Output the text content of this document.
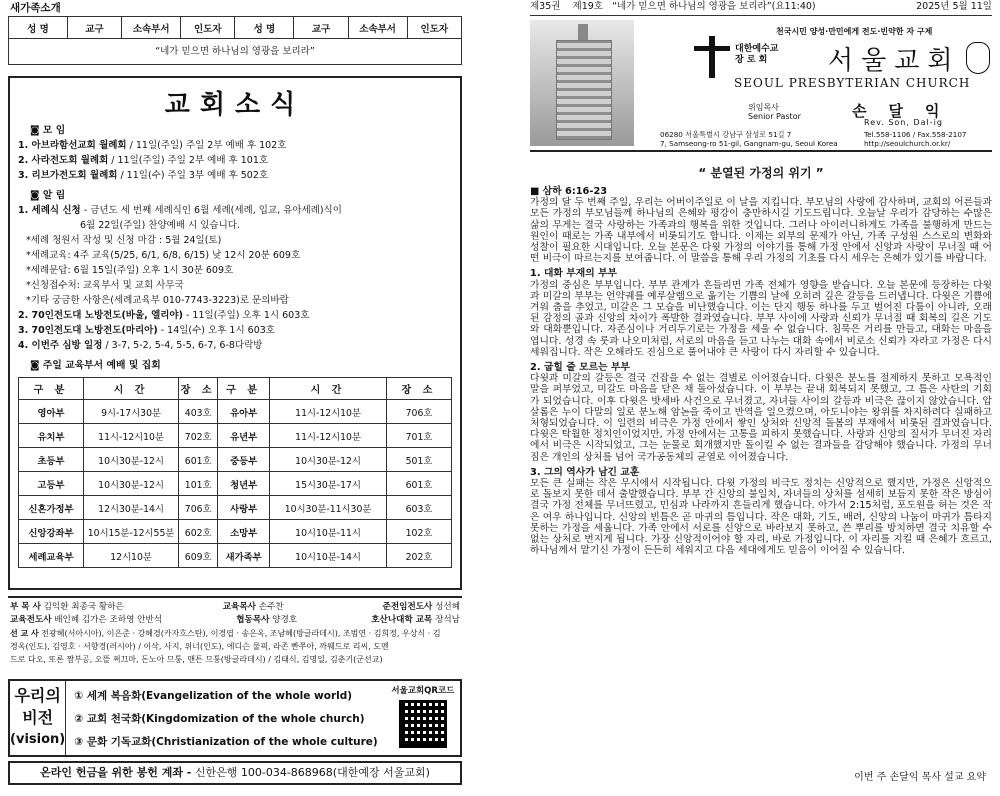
새가족소개
성 명	교구	소속부서	인도자	성 명	교구	소속부서	인도자
“네가 믿으면 하나님의 영광을 보리라”
교회소식
◙ 모 임
1. 아브라함선교회 월례회 / 11일(주일) 주일 2부 예배 후 102호
2. 사라전도회 월례회 / 11일(주일) 주일 2부 예배 후 101호
3. 리브가전도회 월례회 / 11일(수) 주일 3부 예배 후 502호
◙ 알 림
1. 세례식 신청 - 금년도 세 번째 세례식인 6월 세례(세례, 입교, 유아세례)식이
6월 22일(주일) 찬양예배 시 있습니다.
*세례 청원서 작성 및 신청 마감 : 5월 24일(토)
*세례교육: 4주 교육(5/25, 6/1, 6/8, 6/15) 낮 12시 20분 609호
*세례문답: 6월 15일(주일) 오후 1시 30분 609호
*신청접수처: 교육부서 및 교회 사무국
*기타 궁금한 사항은(세례교육부 010-7743-3223)로 문의바람
2. 70인전도대 노방전도(바울, 엘리야) - 11일(주일) 오후 1시 603호
3. 70인전도대 노방전도(마리아) - 14일(수) 오후 1시 603호
4. 이번주 심방 일정 / 3-7, 5-2, 5-4, 5-5, 6-7, 6-8다락방
◙ 주일 교육부서 예배 및 집회
구 분	시 간	장 소	구 분	시 간	장 소
영아부	9시-17시30분	403호	유아부	11시-12시10분	706호
유치부	11시-12시10분	702호	유년부	11시-12시10분	701호
초등부	10시30분-12시	601호	중등부	10시30분-12시	501호
고등부	10시30분-12시	101호	청년부	15시30분-17시	601호
신혼가정부	12시30분-14시	706호	사랑부	10시30분-11시30분	603호
신앙강좌부	10시15분-12시55분	602호	소망부	10시10분-11시	102호
세례교육부	12시10분	609호	새가족부	10시10분-14시	202호
부 목 사 김익환 최종국 황하은	교육목사 손주찬	준전임전도사 성선혜
교육전도사 배인혜 김가은 조하영 안반석	협동목사 양경호	호산나대학 교목 장석남
선 교 사 전광혜(서아시아), 이은준 · 강혜경(카자흐스탄), 이경엽 · 송은옥, 조남혜(방글라데시), 조범연 · 김희정, 우상식 · 김
경옥(인도), 김영호 · 서향경(러시아) / 이삭, 사지, 위너(인도), 에디슨 물픽, 라존 빤쭈아, 까웨드로 리씨, 도멘
드로 다오, 또론 짬부공, 오뜰 쩌끄마, 돈노아 므퉁, 맨튼 므퉁(방글라데시) / 김태식, 김명일, 김춘기(군선교)
우리의
비전
(vision)
① 세계 복음화(Evangelization of the whole world)
② 교회 천국화(Kingdomization of the whole church)
③ 문화 기독교화(Christianization of the whole culture)
서울교회QR코드
온라인 헌금을 위한 봉헌 계좌 - 신한은행 100-034-868968(대한예장 서울교회)
제35권 제19호 “네가 믿으면 하나님의 영광을 보리라”(요11:40)	2025년 5월 11일
천국시민 양성·만민에게 전도·빈약한 자 구제
대한예수교
장 로 회	서울교회
SEOUL PRESBYTERIAN CHURCH
위임목사
Senior Pastor	손달익
Rev. Son, Dal-ig
06280 서울특별시 강남구 삼성로 51길 7
7, Samseong-ro 51-gil, Gangnam-gu, Seoul Korea
Tel.558-1106 / Fax.558-2107
http://seoulchurch.or.kr/
“ 분열된 가정의 위기 ”
■ 삼하 6:16-23

가정의 달 두 번째 주일, 우리는 어버이주일로 이 날을 지킵니다. 부모님의 사랑에 감사하며, 교회의 어른들과 모든 가정의 부모님들께 하나님의 은혜와 평강이 충만하시길 기도드립니다. 오늘날 우리가 감당하는 수많은 삶의 무게는 결국 사랑하는 가족과의 행복을 위한 것입니다. 그러나 아이러니하게도 가족을 불행하게 만드는 원인이 때로는 가족 내부에서 비롯되기도 합니다. 이제는 외부의 문제가 아닌, 가족 구성원 스스로의 변화와 성찰이 필요한 시대입니다. 오늘 본문은 다윗 가정의 이야기를 통해 가정 안에서 신앙과 사랑이 무너질 때 어떤 비극이 따르는지를 보여줍니다. 이 말씀을 통해 우리 가정의 기초를 다시 세우는 은혜가 있기를 바랍니다.

1. 대화 부재의 부부

가정의 중심은 부부입니다. 부부 관계가 흔들리면 가족 전체가 영향을 받습니다. 오늘 본문에 등장하는 다윗과 미갈의 부부는 언약궤를 예루살렘으로 옮기는 기쁨의 날에 오히려 깊은 갈등을 드러냅니다. 다윗은 기쁨에 겨워 춤을 추었고, 미갈은 그 모습을 비난했습니다. 이는 단지 행동 하나를 두고 벌어진 다툼이 아니라, 오래된 감정의 골과 신앙의 차이가 폭발한 결과였습니다. 부부 사이에 사랑과 신뢰가 무너질 때 회복의 길은 기도와 대화뿐입니다. 자존심이나 거리두기로는 가정을 세울 수 없습니다. 침묵은 거리를 만들고, 대화는 마음을 엽니다. 성경 속 룻과 나오미처럼, 서로의 마음을 듣고 나누는 대화 속에서 비로소 신뢰가 자라고 가정은 다시 세워집니다. 작은 오해라도 진심으로 풀어내야 큰 사랑이 다시 자리할 수 있습니다.

2. 굽힐 줄 모르는 부부

다윗과 미갈의 갈등은 결국 건잡을 수 없는 결별로 이어졌습니다. 다윗은 분노를 절제하지 못하고 모욕적인 말을 퍼부었고, 미갈도 마음을 닫은 채 돌아섰습니다. 이 부부는 끝내 회복되지 못했고, 그 틈은 사탄의 기회가 되었습니다. 이후 다윗은 밧세바 사건으로 무너졌고, 자녀들 사이의 갈등과 비극은 끊이지 않았습니다. 압살롬은 누이 다말의 일로 분노해 암논을 죽이고 반역을 일으켰으며, 아도니야는 왕위를 차지하려다 실패하고 처형되었습니다. 이 일련의 비극은 가정 안에서 쌓인 상처와 신앙적 돌봄의 부재에서 비롯된 결과였습니다. 다윗은 탁월한 정치인이었지만, 가정 안에서는 고통을 피하지 못했습니다. 사랑과 신앙의 질서가 무너진 자리에서 비극은 시작되었고, 그는 눈물로 회개했지만 돌이킬 수 없는 결과들을 감당해야 했습니다. 가정의 무너짐은 개인의 상처를 넘어 국가공동체의 균열로 이어졌습니다.

3. 그의 역사가 남긴 교훈

모든 큰 실패는 작은 무시에서 시작됩니다. 다윗 가정의 비극도 정치는 신앙적으로 했지만, 가정은 신앙적으로 돌보지 못한 데서 출발했습니다. 부부 간 신앙의 불일치, 자녀들의 상처를 섬세히 보듬지 못한 작은 방심이 결국 가정 전체를 무너뜨렸고, 민심과 나라까지 흔들리게 했습니다. 아가서 2:15처럼, 포도원을 허는 것은 작은 여우 하나입니다. 신앙의 빈틈은 곧 마귀의 틈입니다. 작은 대화, 기도, 배려, 신앙의 나눔이 마귀가 틈타지 못하는 가정을 세웁니다. 가족 안에서 서로를 신앙으로 바라보지 못하고, 쓴 뿌리를 방치하면 결국 치유할 수 없는 상처로 번지게 됩니다. 가장 신앙적이어야 할 자리, 바로 가정입니다. 이 자리를 지킬 때 은혜가 흐르고, 하나님께서 맡기신 가정이 든든히 세워지고 다음 세대에게도 믿음이 이어질 수 있습니다.

이번 주 손달익 목사 설교 요약
